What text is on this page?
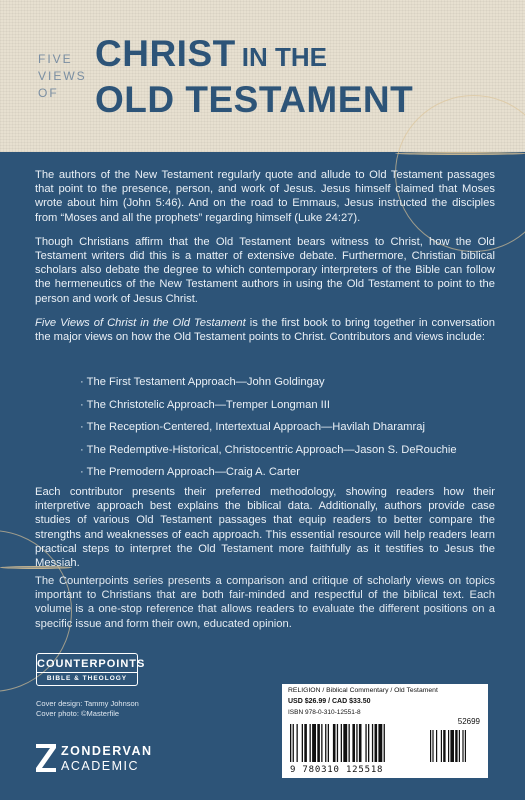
FIVE
VIEWS
OF
CHRIST IN THE
OLD TESTAMENT

The authors of the New Testament regularly quote and allude to Old Testament passages that point to the presence, person, and work of Jesus. Jesus himself claimed that Moses wrote about him (John 5:46). And on the road to Emmaus, Jesus instructed the disciples from “Moses and all the prophets” regarding himself (Luke 24:27).

Though Christians affirm that the Old Testament bears witness to Christ, how the Old Testament writers did this is a matter of extensive debate. Furthermore, Christian biblical scholars also debate the degree to which contemporary interpreters of the Bible can follow the hermeneutics of the New Testament authors in using the Old Testament to point to the person and work of Jesus Christ.

Five Views of Christ in the Old Testament is the first book to bring together in conversation the major views on how the Old Testament points to Christ. Contributors and views include:

· The First Testament Approach—John Goldingay
· The Christotelic Approach—Tremper Longman III
· The Reception-Centered, Intertextual Approach—Havilah Dharamraj
· The Redemptive-Historical, Christocentric Approach—Jason S. DeRouchie
· The Premodern Approach—Craig A. Carter

Each contributor presents their preferred methodology, showing readers how their interpretive approach best explains the biblical data. Additionally, authors provide case studies of various Old Testament passages that equip readers to better compare the strengths and weaknesses of each approach. This essential resource will help readers learn practical steps to interpret the Old Testament more faithfully as it testifies to Jesus the Messiah.

The Counterpoints series presents a comparison and critique of scholarly views on topics important to Christians that are both fair-minded and respectful of the biblical text. Each volume is a one-stop reference that allows readers to evaluate the different positions on a specific issue and form their own, educated opinion.

COUNTERPOINTS
BIBLE & THEOLOGY
Cover design: Tammy Johnson
Cover photo: ©Masterfile
ZONDERVAN
ACADEMIC
RELIGION / Biblical Commentary / Old Testament
USD $26.99 / CAD $33.50
ISBN 978-0-310-12551-8
52699
9 780310 125518
